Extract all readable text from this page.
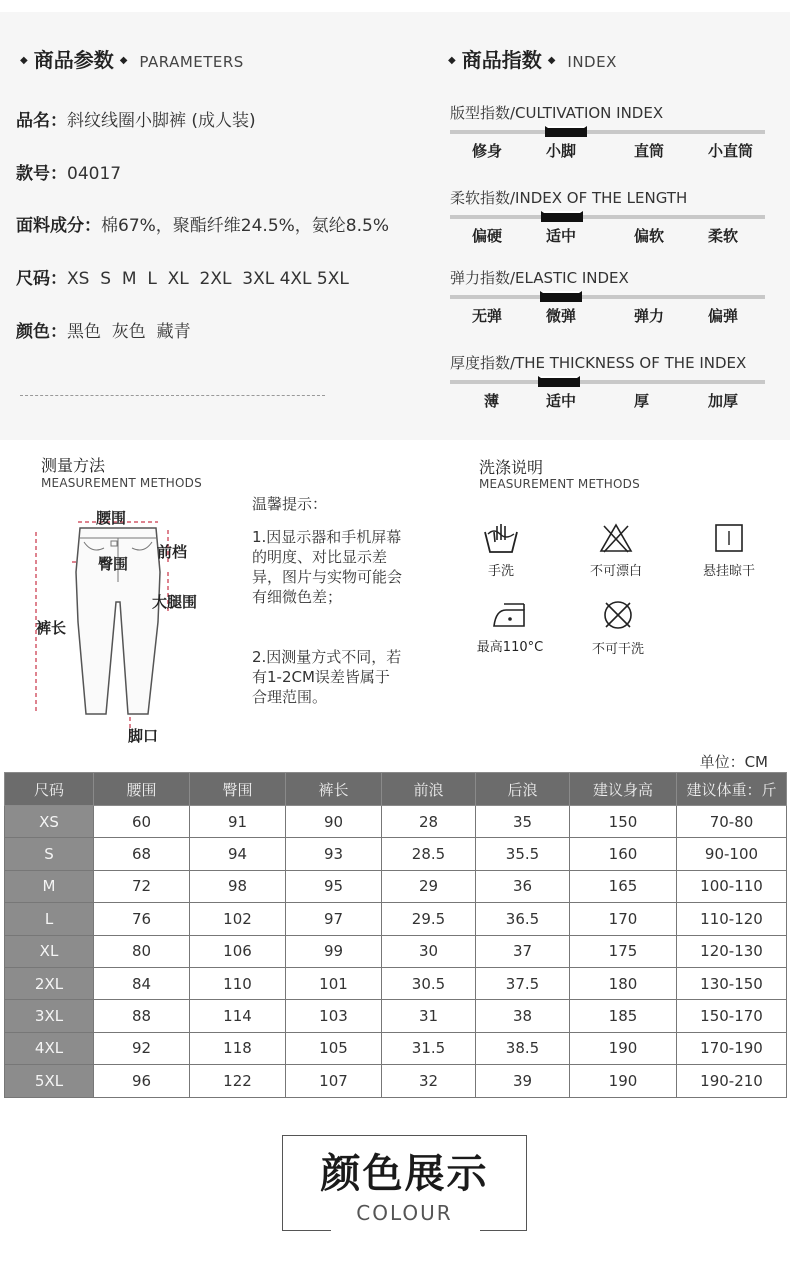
◆ 商品参数 ◆ PARAMETERS
品名：斜纹线圈小脚裤 (成人装)
款号：04017
面料成分：棉67%，聚酯纤维24.5%，氨纶8.5%
尺码：XS  S  M  L  XL  2XL  3XL 4XL 5XL
颜色：黑色  灰色  藏青
◆ 商品指数 ◆ INDEX
版型指数/CULTIVATION INDEX
修身	小脚	直筒	小直筒
柔软指数/INDEX OF THE LENGTH
偏硬	适中	偏软	柔软
弹力指数/ELASTIC INDEX
无弹	微弹	弹力	偏弹
厚度指数/THE THICKNESS OF THE INDEX
薄	适中	厚	加厚
测量方法
MEASUREMENT METHODS
腰围
臀围
前档
大腿围
裤长
脚口
温馨提示：
1.因显示器和手机屏幕的明度、对比显示差异，图片与实物可能会有细微色差；
2.因测量方式不同，若有1-2CM误差皆属于合理范围。
洗涤说明
MEASUREMENT METHODS
手洗	不可漂白	悬挂晾干
最高110°C	不可干洗
单位：CM
尺码	腰围	臀围	裤长	前浪	后浪	建议身高	建议体重：斤
XS	60	91	90	28	35	150	70-80
S	68	94	93	28.5	35.5	160	90-100
M	72	98	95	29	36	165	100-110
L	76	102	97	29.5	36.5	170	110-120
XL	80	106	99	30	37	175	120-130
2XL	84	110	101	30.5	37.5	180	130-150
3XL	88	114	103	31	38	185	150-170
4XL	92	118	105	31.5	38.5	190	170-190
5XL	96	122	107	32	39	190	190-210
颜色展示
COLOUR
